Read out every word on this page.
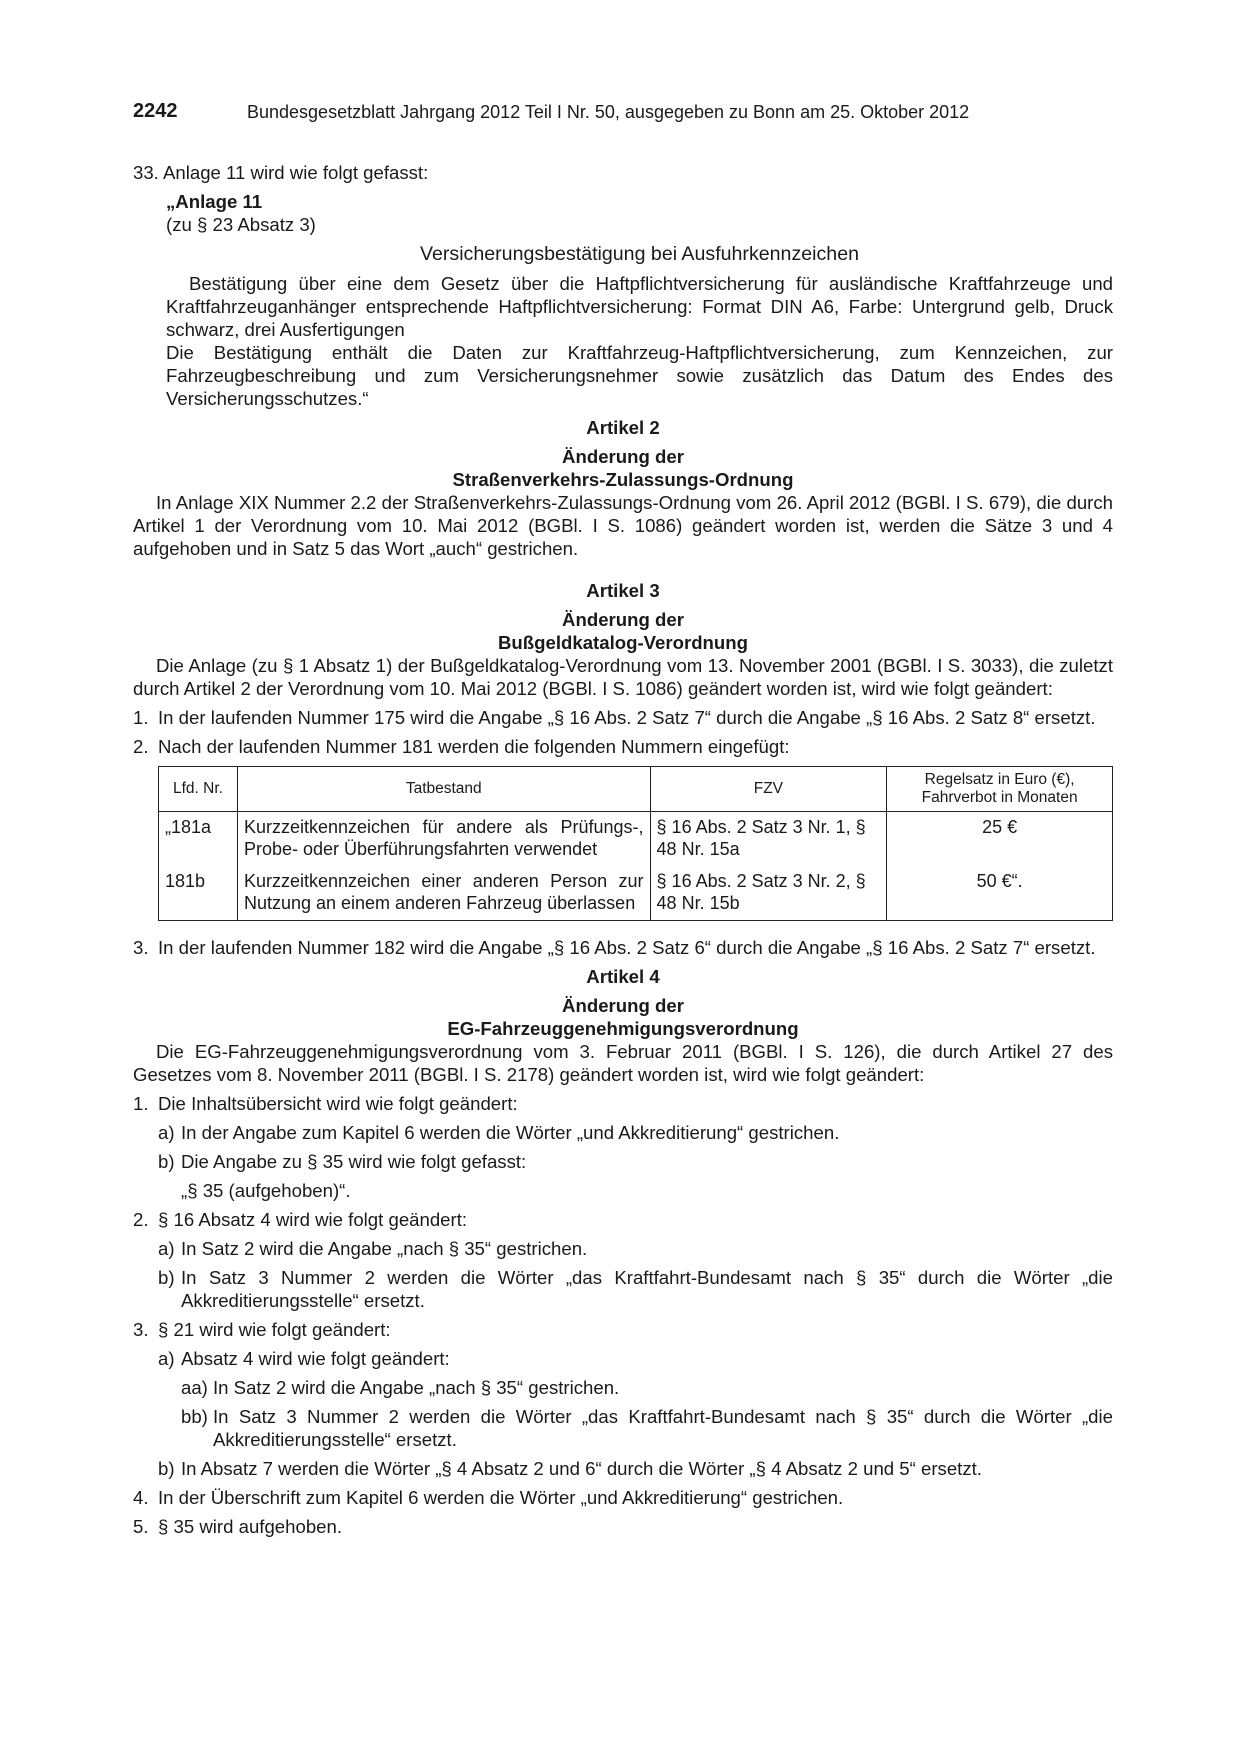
2242	Bundesgesetzblatt Jahrgang 2012 Teil I Nr. 50, ausgegeben zu Bonn am 25. Oktober 2012

33. Anlage 11 wird wie folgt gefasst:

„Anlage 11

(zu § 23 Absatz 3)

Versicherungsbestätigung bei Ausfuhrkennzeichen

Bestätigung über eine dem Gesetz über die Haftpflichtversicherung für ausländische Kraftfahrzeuge und Kraftfahrzeuganhänger entsprechende Haftpflichtversicherung: Format DIN A6, Farbe: Untergrund gelb, Druck schwarz, drei Ausfertigungen

Die Bestätigung enthält die Daten zur Kraftfahrzeug-Haftpflichtversicherung, zum Kennzeichen, zur Fahrzeugbeschreibung und zum Versicherungsnehmer sowie zusätzlich das Datum des Endes des Versicherungsschutzes.“

Artikel 2

Änderung der

Straßenverkehrs-Zulassungs-Ordnung

In Anlage XIX Nummer 2.2 der Straßenverkehrs-Zulassungs-Ordnung vom 26. April 2012 (BGBl. I S. 679), die durch Artikel 1 der Verordnung vom 10. Mai 2012 (BGBl. I S. 1086) geändert worden ist, werden die Sätze 3 und 4 aufgehoben und in Satz 5 das Wort „auch“ gestrichen.

Artikel 3

Änderung der

Bußgeldkatalog-Verordnung

Die Anlage (zu § 1 Absatz 1) der Bußgeldkatalog-Verordnung vom 13. November 2001 (BGBl. I S. 3033), die zuletzt durch Artikel 2 der Verordnung vom 10. Mai 2012 (BGBl. I S. 1086) geändert worden ist, wird wie folgt geändert:

1. In der laufenden Nummer 175 wird die Angabe „§ 16 Abs. 2 Satz 7“ durch die Angabe „§ 16 Abs. 2 Satz 8“ ersetzt.
2. Nach der laufenden Nummer 181 werden die folgenden Nummern eingefügt:
Lfd. Nr.	Tatbestand	FZV	Regelsatz in Euro (€), Fahrverbot in Monaten
„181a	Kurzzeitkennzeichen für andere als Prüfungs-, Probe- oder Überführungsfahrten verwendet	§ 16 Abs. 2 Satz 3 Nr. 1, § 48 Nr. 15a	25 €
181b	Kurzzeitkennzeichen einer anderen Person zur Nutzung an einem anderen Fahrzeug überlassen	§ 16 Abs. 2 Satz 3 Nr. 2, § 48 Nr. 15b	50 €“.
3. In der laufenden Nummer 182 wird die Angabe „§ 16 Abs. 2 Satz 6“ durch die Angabe „§ 16 Abs. 2 Satz 7“ ersetzt.

Artikel 4

Änderung der

EG-Fahrzeuggenehmigungsverordnung

Die EG-Fahrzeuggenehmigungsverordnung vom 3. Februar 2011 (BGBl. I S. 126), die durch Artikel 27 des Gesetzes vom 8. November 2011 (BGBl. I S. 2178) geändert worden ist, wird wie folgt geändert:

1. Die Inhaltsübersicht wird wie folgt geändert:
a) In der Angabe zum Kapitel 6 werden die Wörter „und Akkreditierung“ gestrichen.
b) Die Angabe zu § 35 wird wie folgt gefasst:

„§ 35 (aufgehoben)“.

2. § 16 Absatz 4 wird wie folgt geändert:
a) In Satz 2 wird die Angabe „nach § 35“ gestrichen.
b) In Satz 3 Nummer 2 werden die Wörter „das Kraftfahrt-Bundesamt nach § 35“ durch die Wörter „die Akkreditierungsstelle“ ersetzt.
3. § 21 wird wie folgt geändert:
a) Absatz 4 wird wie folgt geändert:
aa) In Satz 2 wird die Angabe „nach § 35“ gestrichen.
bb) In Satz 3 Nummer 2 werden die Wörter „das Kraftfahrt-Bundesamt nach § 35“ durch die Wörter „die Akkreditierungsstelle“ ersetzt.
b) In Absatz 7 werden die Wörter „§ 4 Absatz 2 und 6“ durch die Wörter „§ 4 Absatz 2 und 5“ ersetzt.
4. In der Überschrift zum Kapitel 6 werden die Wörter „und Akkreditierung“ gestrichen.
5. § 35 wird aufgehoben.
